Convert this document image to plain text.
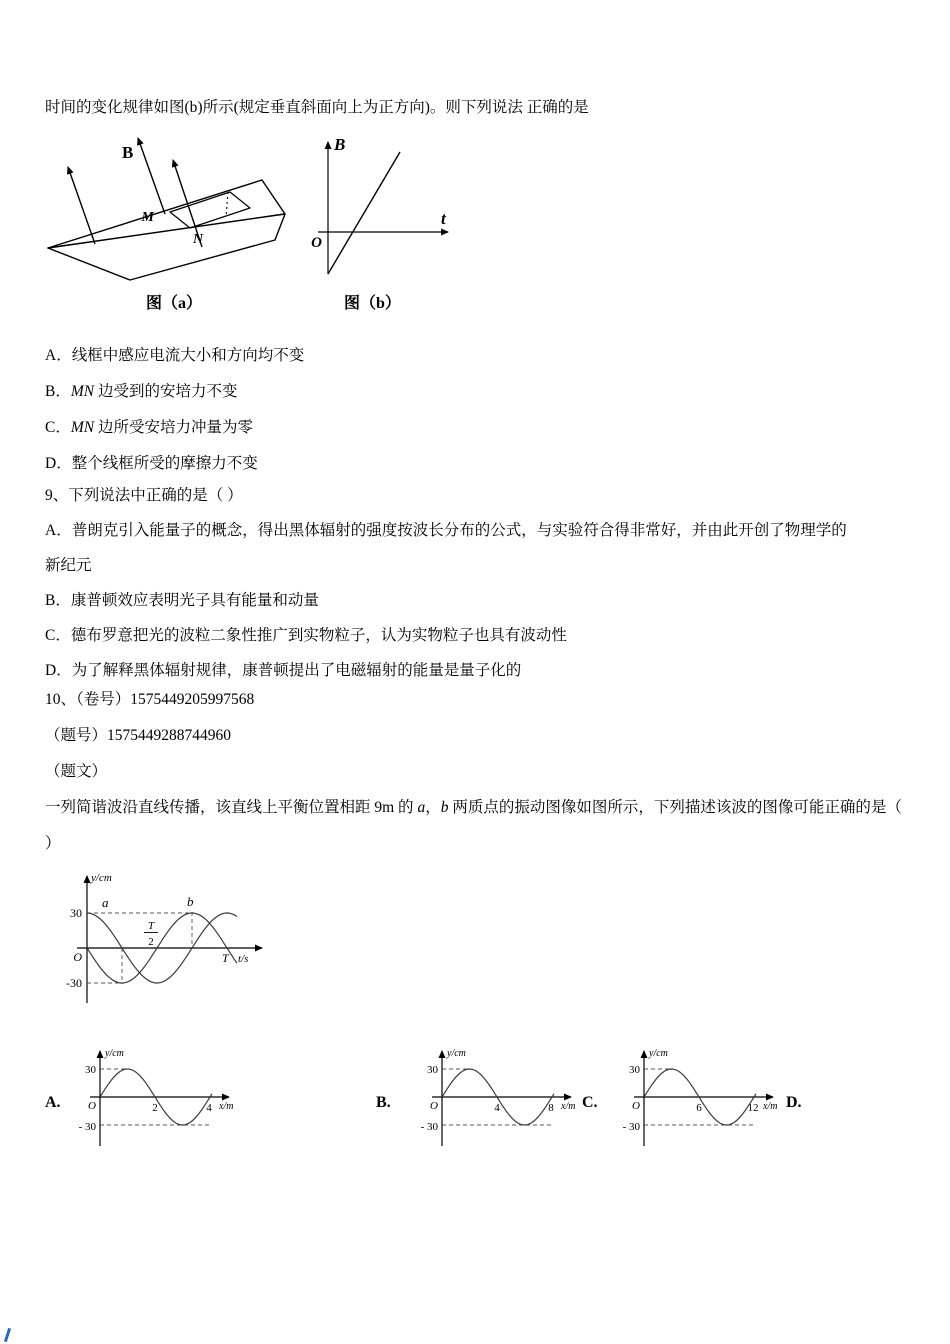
时间的变化规律如图(b)所示(规定垂直斜面向上为正方向)。则下列说法 正确的是

B
M
N
图（a）
B
t
O
图（b）

A．线框中感应电流大小和方向均不变

B．MN 边受到的安培力不变

C．MN 边所受安培力冲量为零

D．整个线框所受的摩擦力不变

9、下列说法中正确的是（ ）

A．普朗克引入能量子的概念，得出黑体辐射的强度按波长分布的公式，与实验符合得非常好，并由此开创了物理学的新纪元

B．康普顿效应表明光子具有能量和动量

C．德布罗意把光的波粒二象性推广到实物粒子，认为实物粒子也具有波动性

D．为了解释黑体辐射规律，康普顿提出了电磁辐射的能量是量子化的

10、（卷号）1575449205997568

（题号）1575449288744960

（题文）

一列简谐波沿直线传播，该直线上平衡位置相距 9m 的 a，b 两质点的振动图像如图所示，下列描述该波的图像可能正确的是（ ）

y/cm
30
-30
O
a	b
T
2
T t/s
A.
y/cm
30
- 30
O	2	4 x/m	B.
y/cm
30
- 30
O	4	8 x/m C.
y/cm
30
- 30
O	6	12 x/m D.
